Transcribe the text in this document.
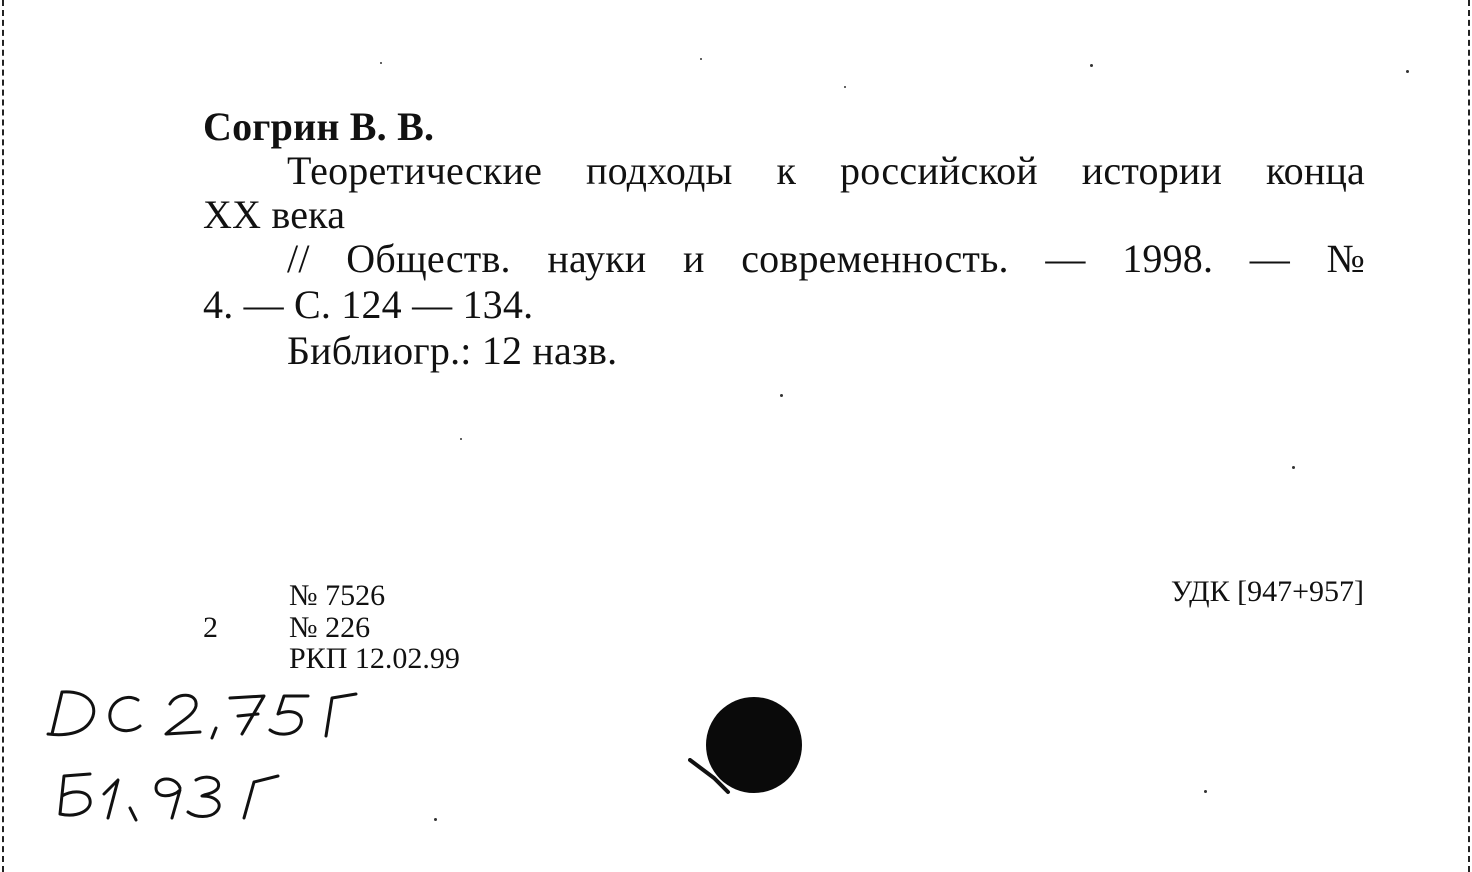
Согрин В. В.
Теоретические подходы к российской истории конца
XX века
// Обществ. науки и современность. — 1998. — №
4. — С. 124 — 134.
Библиогр.: 12 назв.
№ 7526
2 № 226
РКП 12.02.99
УДК [947+957]
